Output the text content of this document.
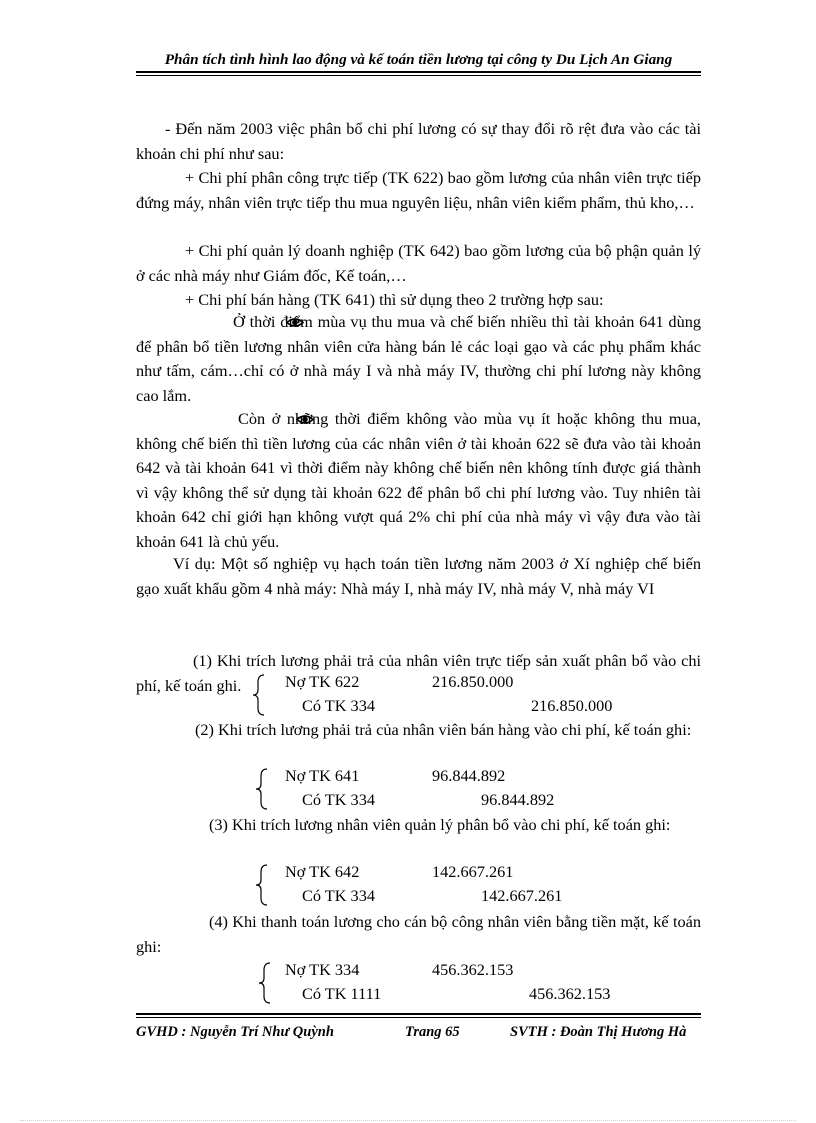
Phân tích tình hình lao động và kế toán tiền lương tại công ty Du Lịch An Giang

- Đến năm 2003 việc phân bổ chi phí lương có sự thay đổi rõ rệt đưa vào các tài khoản chi phí như sau:

+ Chi phí phân công trực tiếp (TK 622) bao gồm lương của nhân viên trực tiếp đứng máy, nhân viên trực tiếp thu mua nguyên liệu, nhân viên kiểm phẩm, thủ kho,…

+ Chi phí quản lý doanh nghiệp (TK 642) bao gồm lương của bộ phận quản lý ở các nhà máy như Giám đốc, Kế toán,…

+ Chi phí bán hàng (TK 641) thì sử dụng theo 2 trường hợp sau:

Ở thời điểm mùa vụ thu mua và chế biến nhiều thì tài khoản 641 dùng để phân bổ tiền lương nhân viên cửa hàng bán lẻ các loại gạo và các phụ phẩm khác như tấm, cám…chỉ có ở nhà máy I và nhà máy IV, thường chi phí lương này không cao lắm.

Còn ở những thời điểm không vào mùa vụ ít hoặc không thu mua, không chế biến thì tiền lương của các nhân viên ở tài khoản 622 sẽ đưa vào tài khoản 642 và tài khoản 641 vì thời điểm này không chế biến nên không tính được giá thành vì vậy không thể sử dụng tài khoản 622 để phân bổ chi phí lương vào. Tuy nhiên tài khoản 642 chỉ giới hạn không vượt quá 2% chi phí của nhà máy vì vậy đưa vào tài khoản 641 là chủ yếu.

Ví dụ: Một số nghiệp vụ hạch toán tiền lương năm 2003 ở Xí nghiệp chế biến gạo xuất khẩu gồm 4 nhà máy: Nhà máy I, nhà máy IV, nhà máy V, nhà máy VI

(1) Khi trích lương phải trả của nhân viên trực tiếp sản xuất phân bổ vào chi phí, kế toán ghi.	Nợ TK 622	216.850.000
Có TK 334	216.850.000

(2) Khi trích lương phải trả của nhân viên bán hàng vào chi phí, kế toán ghi:

Nợ TK 641	96.844.892
Có TK 334	96.844.892

(3) Khi trích lương nhân viên quản lý phân bổ vào chi phí, kế toán ghi:

Nợ TK 642	142.667.261
Có TK 334	142.667.261

(4) Khi thanh toán lương cho cán bộ công nhân viên bằng tiền mặt, kế toán ghi:

Nợ TK 334	456.362.153
Có TK 1111	456.362.153
GVHD : Nguyễn Trí Như Quỳnh	Trang 65	SVTH : Đoàn Thị Hương Hà
